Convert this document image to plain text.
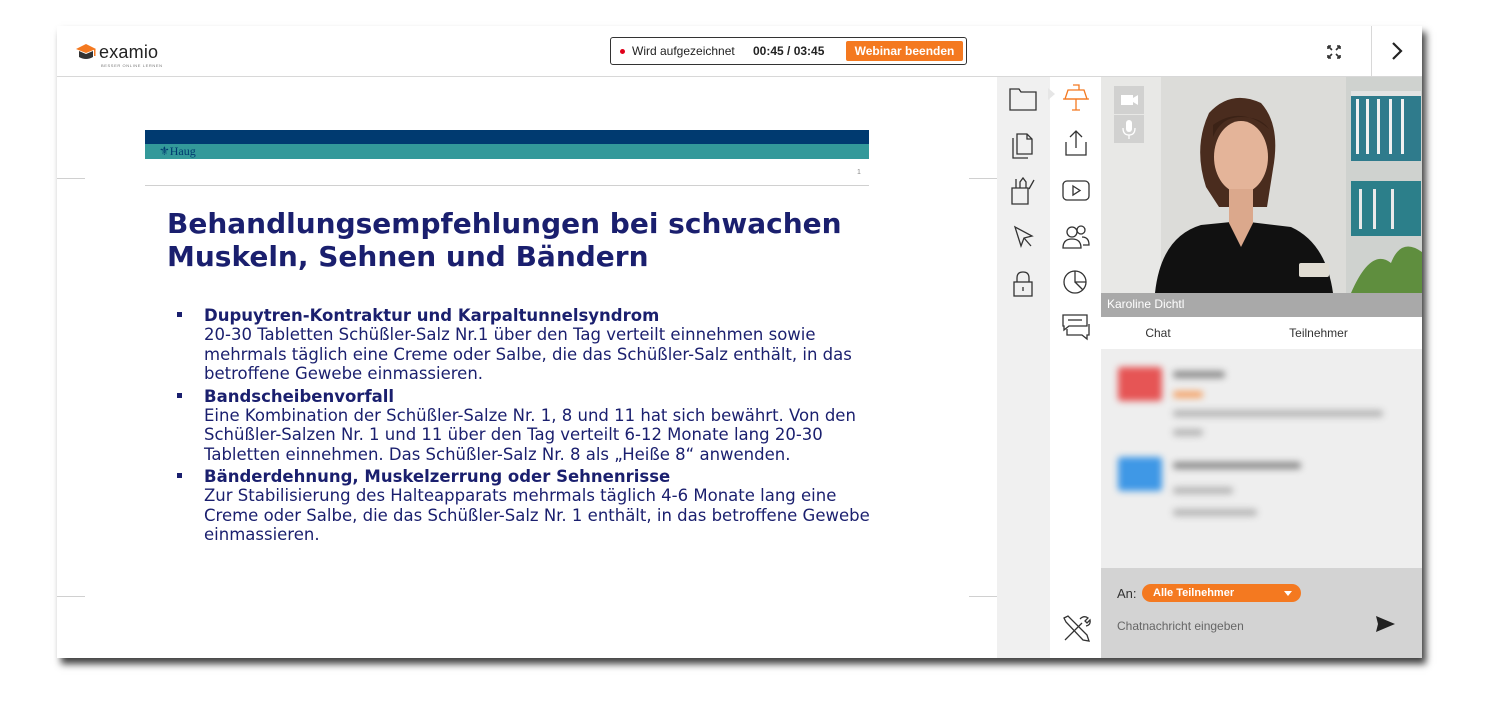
examio
BESSER ONLINE LERNEN
Wird aufgezeichnet 00:45 / 03:45	Webinar beenden
⚜Haug
1
Behandlungsempfehlungen bei schwachen Muskeln, Sehnen und Bändern
Dupuytren-Kontraktur und Karpaltunnelsyndrom
20-30 Tabletten Schüßler-Salz Nr.1 über den Tag verteilt einnehmen sowie mehrmals täglich eine Creme oder Salbe, die das Schüßler-Salz enthält, in das betroffene Gewebe einmassieren.
Bandscheibenvorfall
Eine Kombination der Schüßler-Salze Nr. 1, 8 und 11 hat sich bewährt. Von den Schüßler-Salzen Nr. 1 und 11 über den Tag verteilt 6-12 Monate lang 20-30 Tabletten einnehmen. Das Schüßler-Salz Nr. 8 als „Heiße 8“ anwenden.
Bänderdehnung, Muskelzerrung oder Sehnenrisse
Zur Stabilisierung des Halteapparats mehrmals täglich 4-6 Monate lang eine Creme oder Salbe, die das Schüßler-Salz Nr. 1 enthält, in das betroffene Gewebe einmassieren.
Karoline Dichtl
Chat	Teilnehmer
An: Alle Teilnehmer
Chatnachricht eingeben
